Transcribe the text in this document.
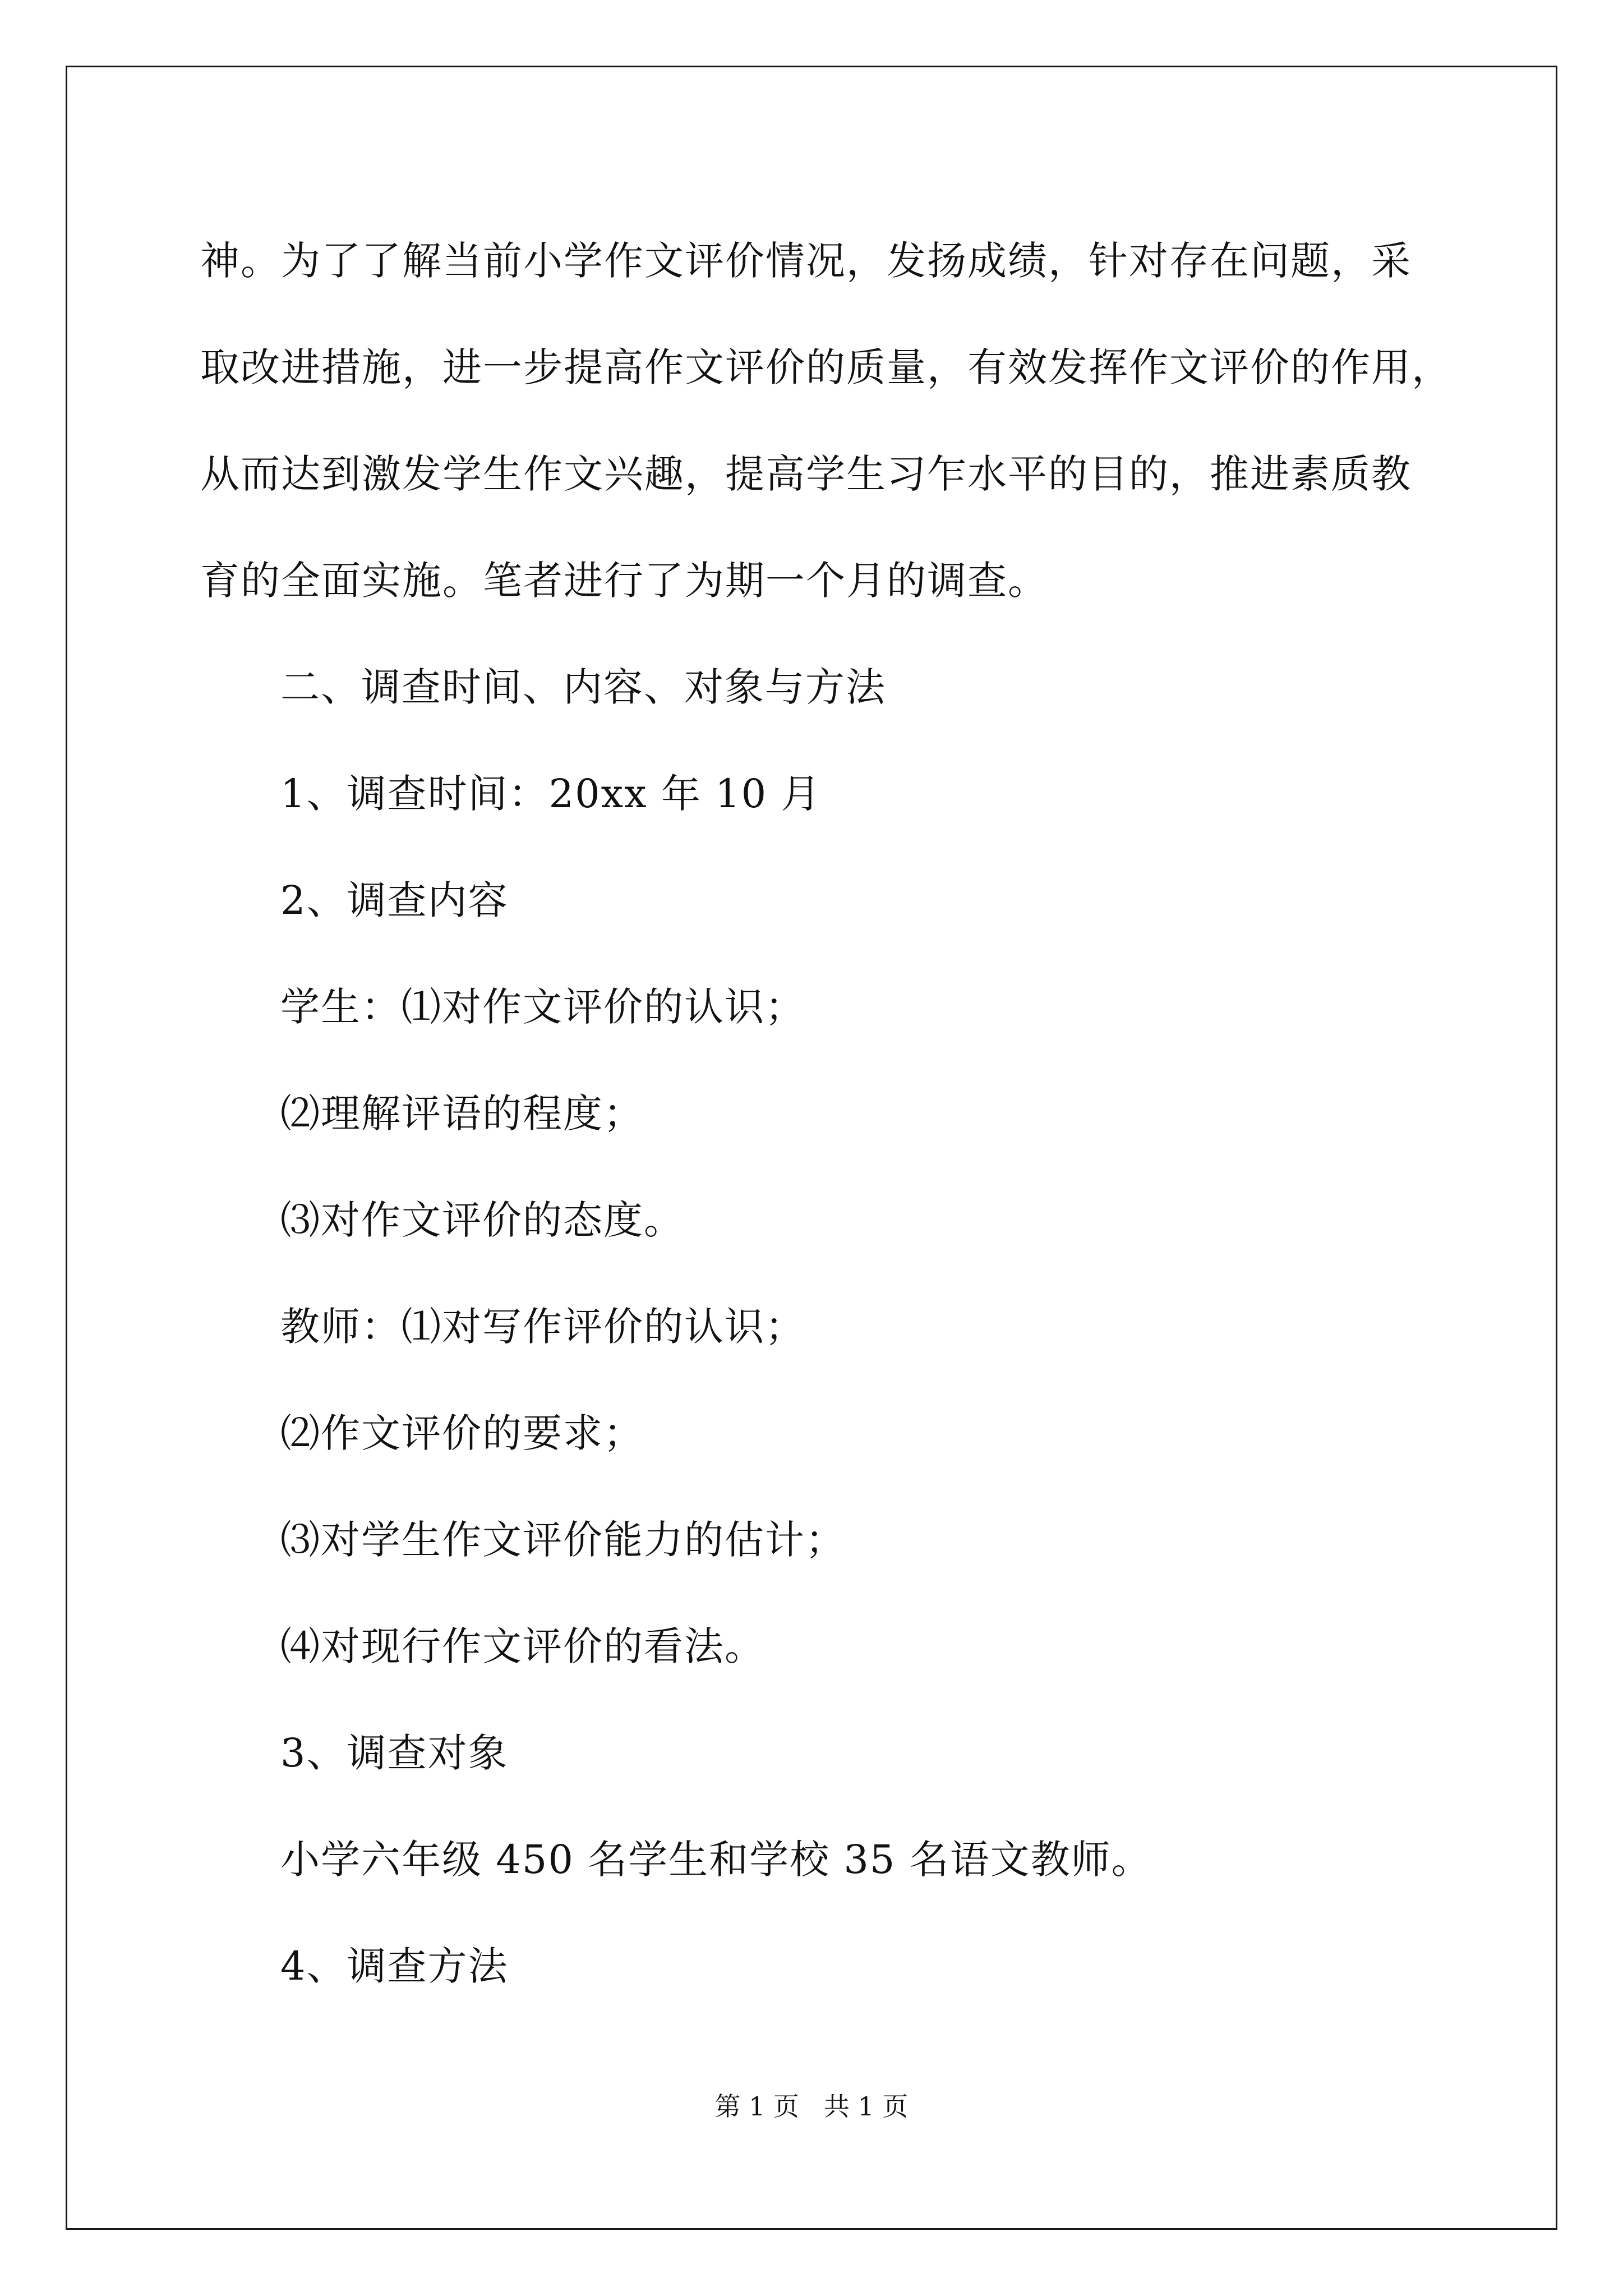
神。为了了解当前小学作文评价情况，发扬成绩，针对存在问题，采
取改进措施，进一步提高作文评价的质量，有效发挥作文评价的作用，
从而达到激发学生作文兴趣，提高学生习乍水平的目的，推进素质教
育的全面实施。笔者进行了为期一个月的调查。
二、调查时间、内容、对象与方法
1、调查时间：20xx 年 10 月
2、调查内容
学生：⑴对作文评价的认识；
⑵理解评语的程度；
⑶对作文评价的态度。
教师：⑴对写作评价的认识；
⑵作文评价的要求；
⑶对学生作文评价能力的估计；
⑷对现行作文评价的看法。
3、调查对象
小学六年级 450 名学生和学校 35 名语文教师。
4、调查方法
第 1 页   共 1 页
